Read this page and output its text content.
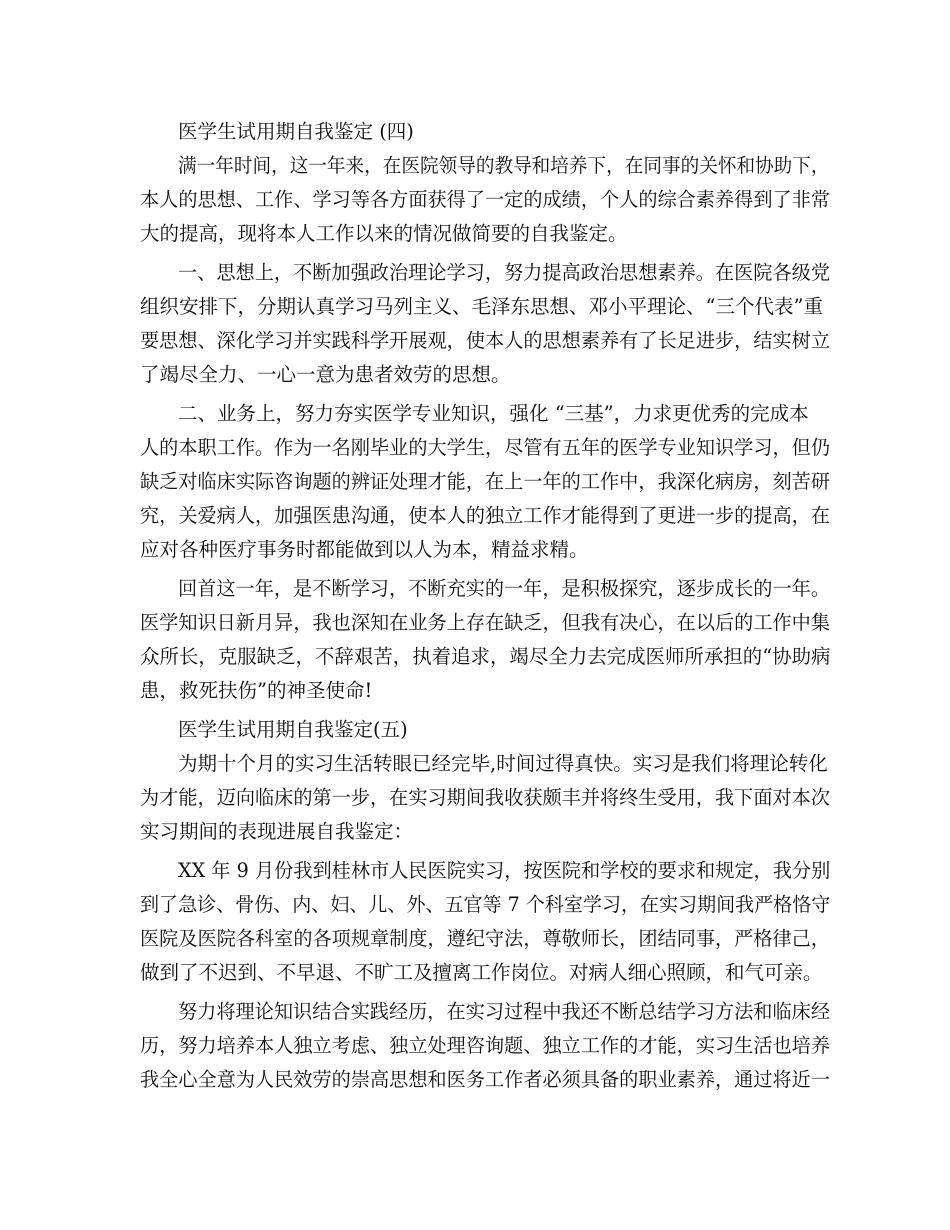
医学生试用期自我鉴定 (四)
满一年时间，这一年来，在医院领导的教导和培养下，在同事的关怀和协助下，
本人的思想、工作、学习等各方面获得了一定的成绩，个人的综合素养得到了非常
大的提高，现将本人工作以来的情况做简要的自我鉴定。
一、思想上，不断加强政治理论学习，努力提高政治思想素养。在医院各级党
组织安排下，分期认真学习马列主义、毛泽东思想、邓小平理论、“三个代表”重
要思想、深化学习并实践科学开展观，使本人的思想素养有了长足进步，结实树立
了竭尽全力、一心一意为患者效劳的思想。
二、业务上，努力夯实医学专业知识，强化 “三基”，力求更优秀的完成本
人的本职工作。作为一名刚毕业的大学生，尽管有五年的医学专业知识学习，但仍
缺乏对临床实际咨询题的辨证处理才能，在上一年的工作中，我深化病房，刻苦研
究，关爱病人，加强医患沟通，使本人的独立工作才能得到了更进一步的提高，在
应对各种医疗事务时都能做到以人为本，精益求精。
回首这一年，是不断学习，不断充实的一年，是积极探究，逐步成长的一年。
医学知识日新月异，我也深知在业务上存在缺乏，但我有决心，在以后的工作中集
众所长，克服缺乏，不辞艰苦，执着追求，竭尽全力去完成医师所承担的“协助病
患，救死扶伤”的神圣使命!
医学生试用期自我鉴定(五)
为期十个月的实习生活转眼已经完毕,时间过得真快。实习是我们将理论转化
为才能，迈向临床的第一步，在实习期间我收获颇丰并将终生受用，我下面对本次
实习期间的表现进展自我鉴定：
XX 年 9 月份我到桂林市人民医院实习，按医院和学校的要求和规定，我分别
到了急诊、骨伤、内、妇、儿、外、五官等 7 个科室学习，在实习期间我严格恪守
医院及医院各科室的各项规章制度，遵纪守法，尊敬师长，团结同事，严格律己，
做到了不迟到、不早退、不旷工及擅离工作岗位。对病人细心照顾，和气可亲。
努力将理论知识结合实践经历，在实习过程中我还不断总结学习方法和临床经
历，努力培养本人独立考虑、独立处理咨询题、独立工作的才能，实习生活也培养
我全心全意为人民效劳的崇高思想和医务工作者必须具备的职业素养，通过将近一
